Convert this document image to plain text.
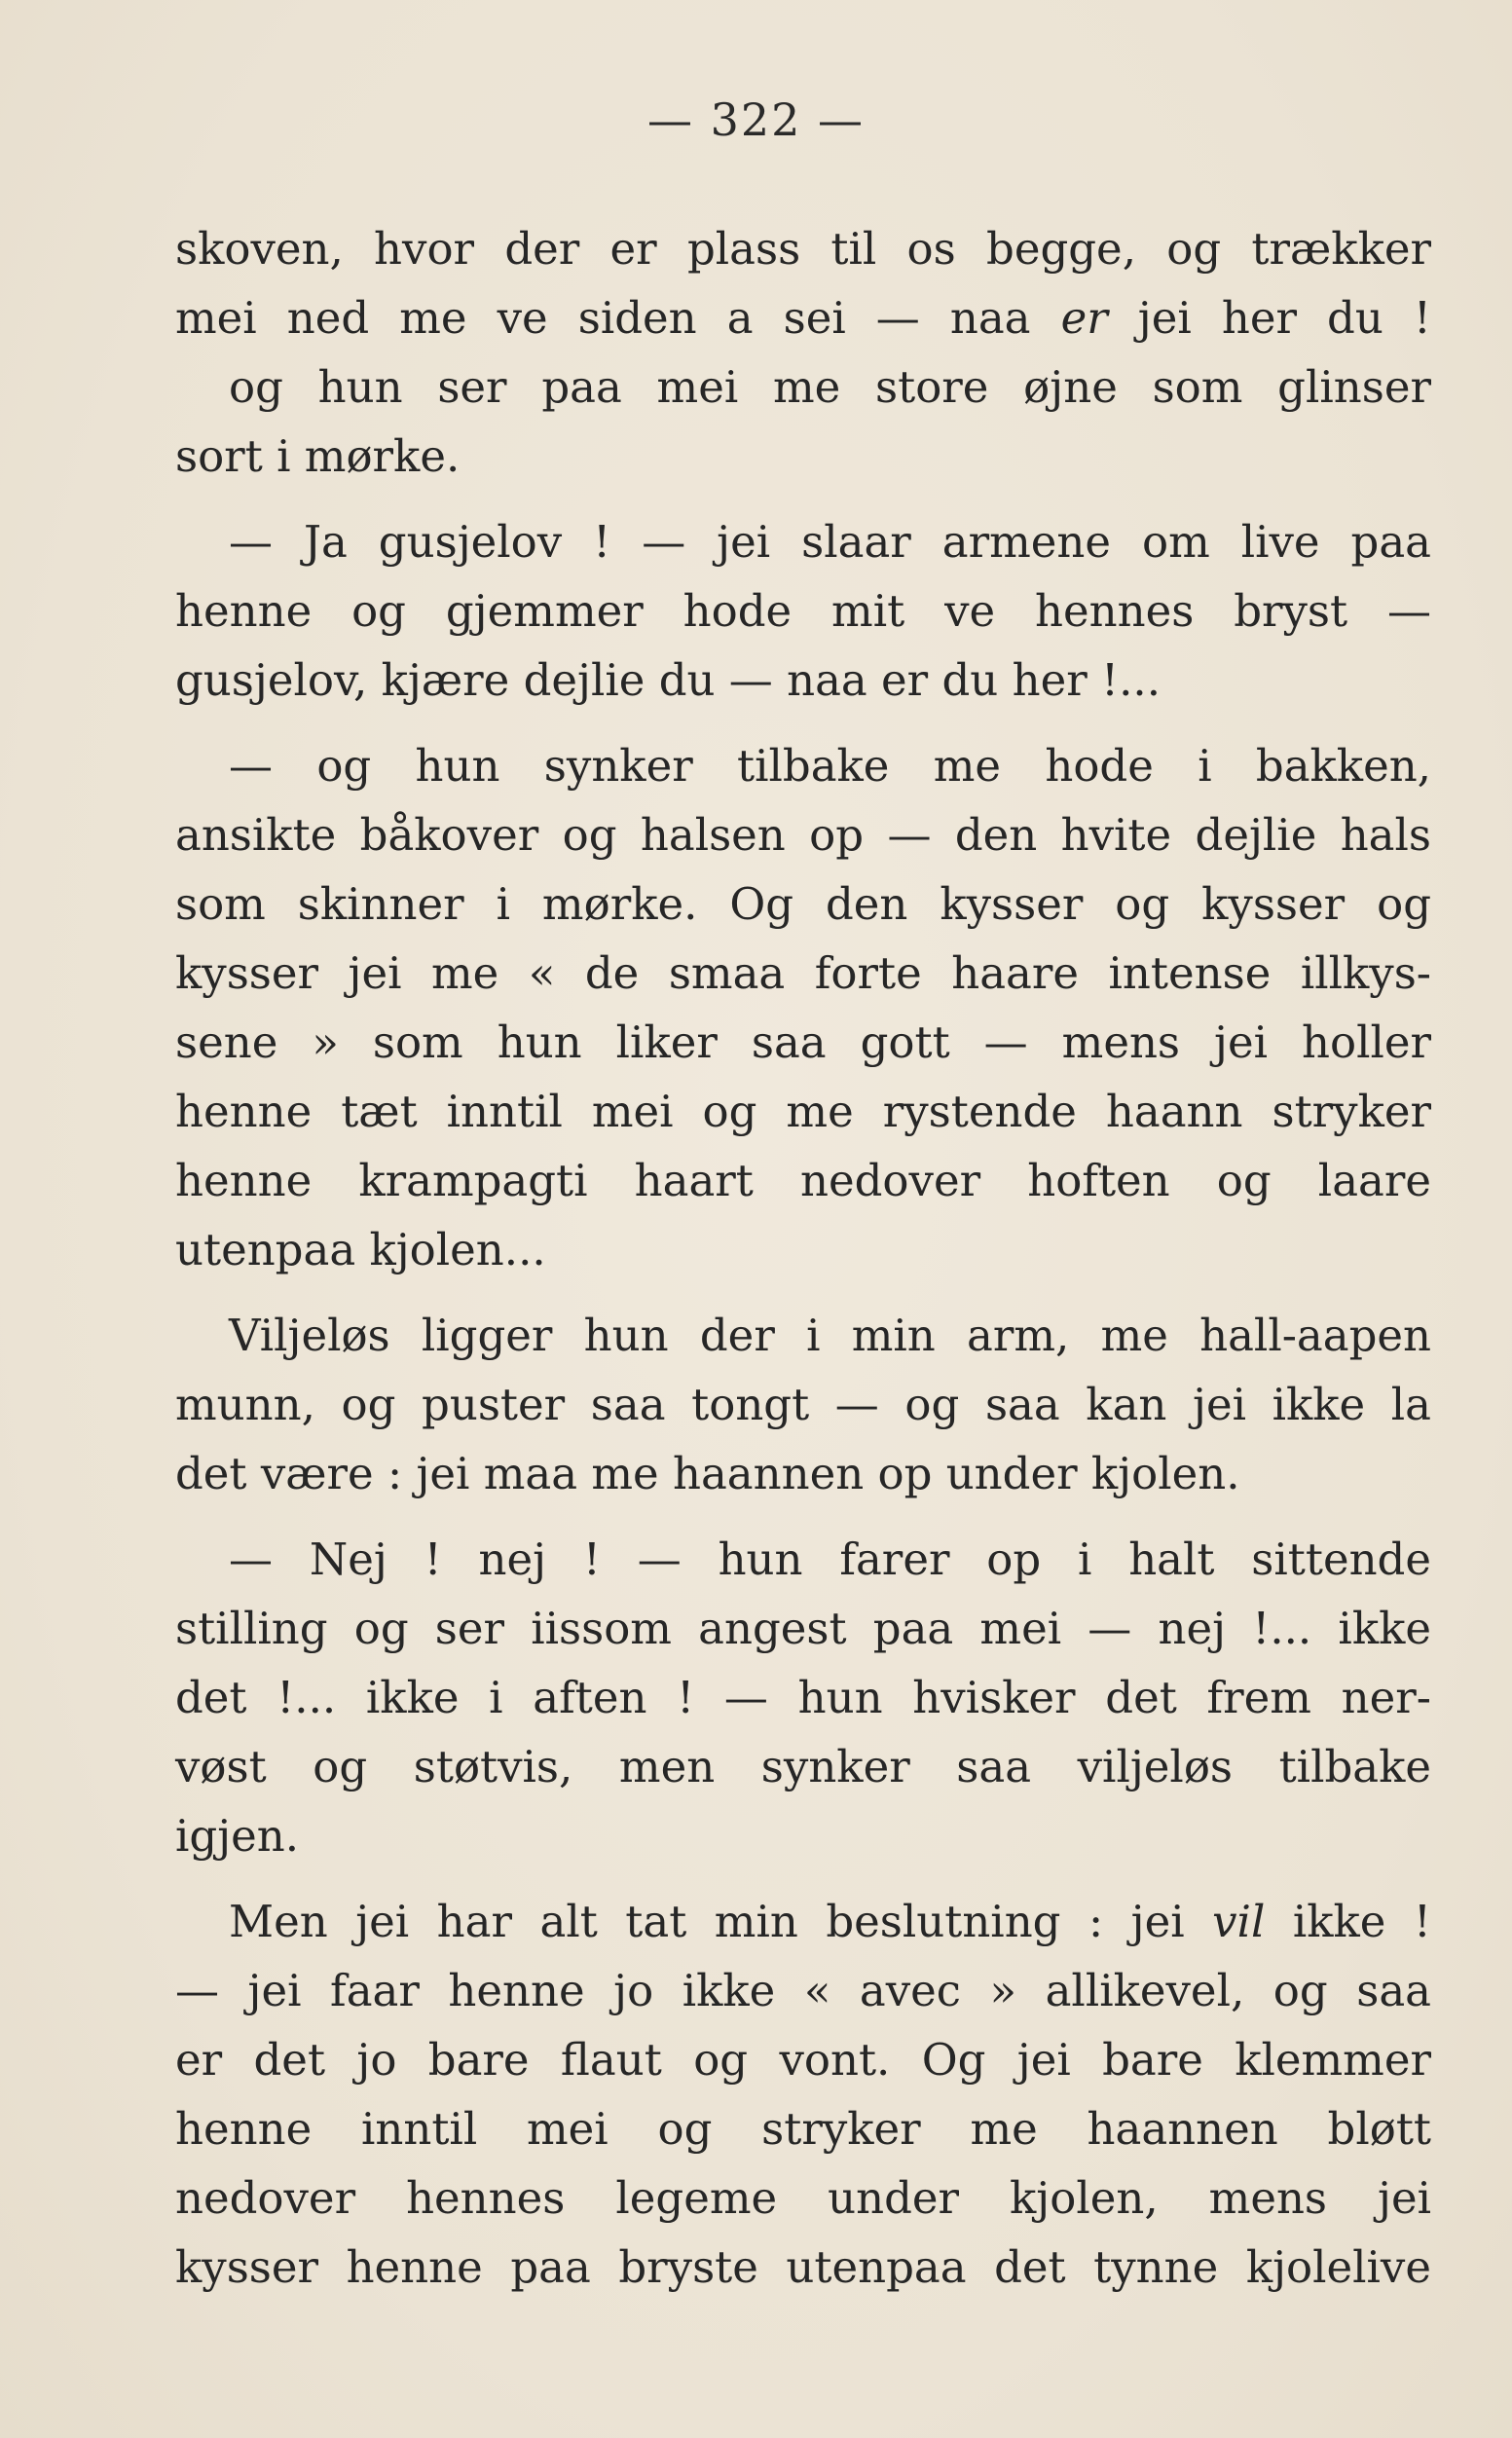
— 322 —
skoven, hvor der er plass til os begge, og trækker
mei ned me ve siden a sei — naa er jei her du !
og hun ser paa mei me store øjne som glinser
sort i mørke.
— Ja gusjelov ! — jei slaar armene om live paa
henne og gjemmer hode mit ve hennes bryst —
gusjelov, kjære dejlie du — naa er du her !...
— og hun synker tilbake me hode i bakken,
ansikte båkover og halsen op — den hvite dejlie hals
som skinner i mørke. Og den kysser og kysser og
kysser jei me « de smaa forte haare intense illkys-
sene » som hun liker saa gott — mens jei holler
henne tæt inntil mei og me rystende haann stryker
henne krampagti haart nedover hoften og laare
utenpaa kjolen...
Viljeløs ligger hun der i min arm, me hall-aapen
munn, og puster saa tongt — og saa kan jei ikke la
det være : jei maa me haannen op under kjolen.
— Nej ! nej ! — hun farer op i halt sittende
stilling og ser iissom angest paa mei — nej !... ikke
det !... ikke i aften ! — hun hvisker det frem ner-
vøst og støtvis, men synker saa viljeløs tilbake
igjen.
Men jei har alt tat min beslutning : jei vil ikke !
— jei faar henne jo ikke « avec » allikevel, og saa
er det jo bare flaut og vont. Og jei bare klemmer
henne inntil mei og stryker me haannen bløtt
nedover hennes legeme under kjolen, mens jei
kysser henne paa bryste utenpaa det tynne kjolelive
